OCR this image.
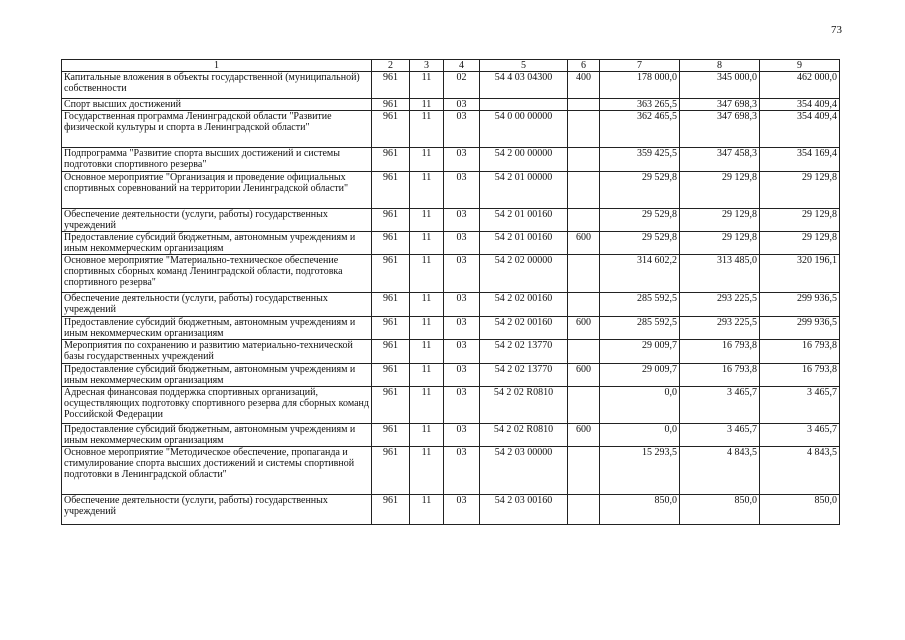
73
1	2	3	4	5	6	7	8	9
Капитальные вложения в объекты государственной (муниципальной) собственности	961	11	02	54 4 03 04300	400	178 000,0	345 000,0	462 000,0
Спорт высших достижений	961	11	03			363 265,5	347 698,3	354 409,4
Государственная программа Ленинградской области "Развитие физической культуры и спорта в Ленинградской области"	961	11	03	54 0 00 00000		362 465,5	347 698,3	354 409,4
Подпрограмма "Развитие спорта высших достижений и системы подготовки спортивного резерва"	961	11	03	54 2 00 00000		359 425,5	347 458,3	354 169,4
Основное мероприятие "Организация и проведение официальных спортивных соревнований на территории Ленинградской области"	961	11	03	54 2 01 00000		29 529,8	29 129,8	29 129,8
Обеспечение деятельности (услуги, работы) государственных учреждений	961	11	03	54 2 01 00160		29 529,8	29 129,8	29 129,8
Предоставление субсидий бюджетным, автономным учреждениям и иным некоммерческим организациям	961	11	03	54 2 01 00160	600	29 529,8	29 129,8	29 129,8
Основное мероприятие "Материально-техническое обеспечение спортивных сборных команд Ленинградской области, подготовка спортивного резерва"	961	11	03	54 2 02 00000		314 602,2	313 485,0	320 196,1
Обеспечение деятельности (услуги, работы) государственных учреждений	961	11	03	54 2 02 00160		285 592,5	293 225,5	299 936,5
Предоставление субсидий бюджетным, автономным учреждениям и иным некоммерческим организациям	961	11	03	54 2 02 00160	600	285 592,5	293 225,5	299 936,5
Мероприятия по сохранению и развитию материально-технической базы государственных учреждений	961	11	03	54 2 02 13770		29 009,7	16 793,8	16 793,8
Предоставление субсидий бюджетным, автономным учреждениям и иным некоммерческим организациям	961	11	03	54 2 02 13770	600	29 009,7	16 793,8	16 793,8
Адресная финансовая поддержка спортивных организаций, осуществляющих подготовку спортивного резерва для сборных команд Российской Федерации	961	11	03	54 2 02 R0810		0,0	3 465,7	3 465,7
Предоставление субсидий бюджетным, автономным учреждениям и иным некоммерческим организациям	961	11	03	54 2 02 R0810	600	0,0	3 465,7	3 465,7
Основное мероприятие "Методическое обеспечение, пропаганда и стимулирование спорта высших достижений и системы спортивной подготовки в Ленинградской области"	961	11	03	54 2 03 00000		15 293,5	4 843,5	4 843,5
Обеспечение деятельности (услуги, работы) государственных учреждений	961	11	03	54 2 03 00160		850,0	850,0	850,0
